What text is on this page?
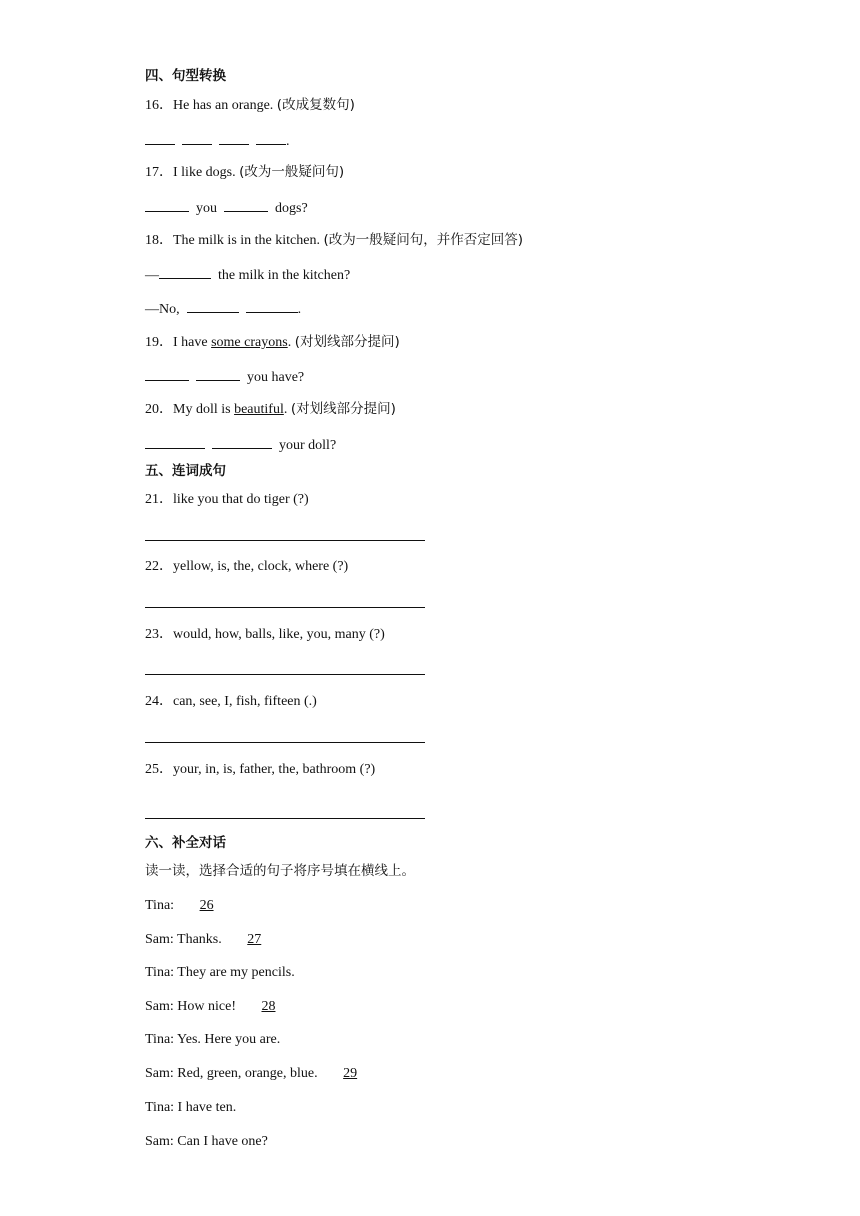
四、句型转换
16．He has an orange. (改成复数句)
.
17．I like dogs. (改为一般疑问句)
you	dogs?
18．The milk is in the kitchen. (改为一般疑问句，并作否定回答)
—	the milk in the kitchen?
—No,	.
19．I have some crayons. (对划线部分提问)
you have?
20．My doll is beautiful. (对划线部分提问)
your doll?
五、连词成句
21．like you that do tiger (?)
22．yellow, is, the, clock, where (?)
23．would, how, balls, like, you, many (?)
24．can, see, I, fish, fifteen (.)
25．your, in, is, father, the, bathroom (?)
六、补全对话
读一读，选择合适的句子将序号填在横线上。
Tina: 26
Sam: Thanks. 27
Tina: They are my pencils.
Sam: How nice! 28
Tina: Yes. Here you are.
Sam: Red, green, orange, blue. 29
Tina: I have ten.
Sam: Can I have one?
